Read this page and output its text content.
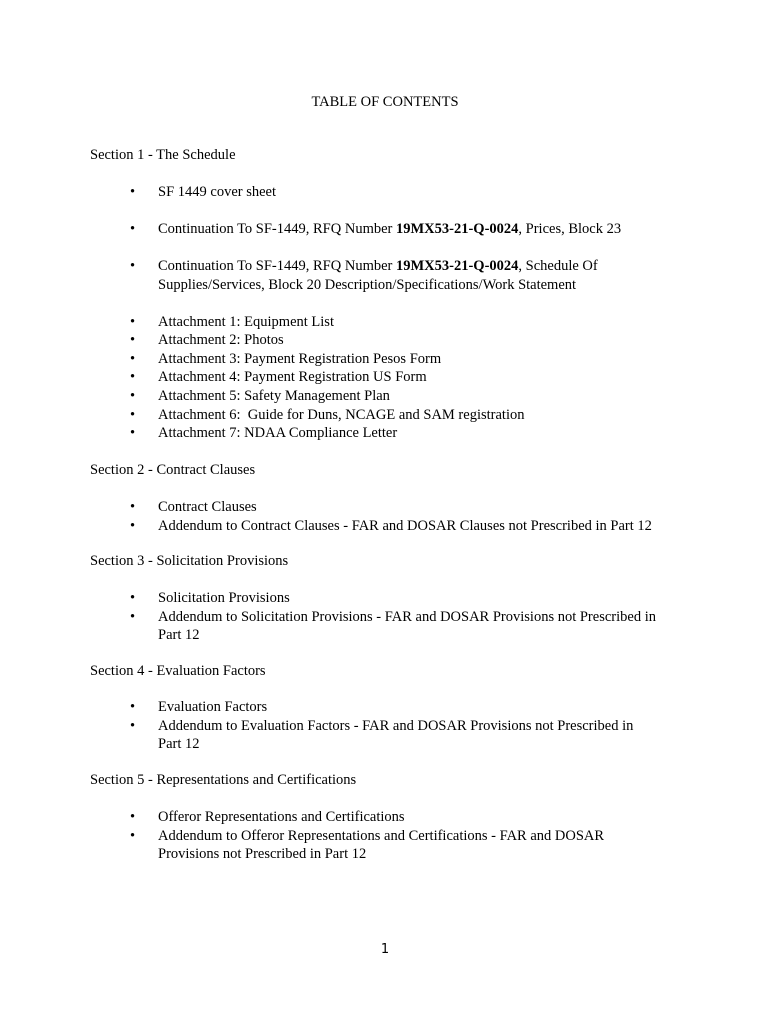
TABLE OF CONTENTS
Section 1 - The Schedule
• SF 1449 cover sheet
• Continuation To SF-1449, RFQ Number 19MX53-21-Q-0024, Prices, Block 23
• Continuation To SF-1449, RFQ Number 19MX53-21-Q-0024, Schedule Of
Supplies/Services, Block 20 Description/Specifications/Work Statement
• Attachment 1: Equipment List
• Attachment 2: Photos
• Attachment 3: Payment Registration Pesos Form
• Attachment 4: Payment Registration US Form
• Attachment 5: Safety Management Plan
• Attachment 6:  Guide for Duns, NCAGE and SAM registration
• Attachment 7: NDAA Compliance Letter
Section 2 - Contract Clauses
• Contract Clauses
• Addendum to Contract Clauses - FAR and DOSAR Clauses not Prescribed in Part 12
Section 3 - Solicitation Provisions
• Solicitation Provisions
• Addendum to Solicitation Provisions - FAR and DOSAR Provisions not Prescribed in
Part 12
Section 4 - Evaluation Factors
• Evaluation Factors
• Addendum to Evaluation Factors - FAR and DOSAR Provisions not Prescribed in
Part 12
Section 5 - Representations and Certifications
• Offeror Representations and Certifications
• Addendum to Offeror Representations and Certifications - FAR and DOSAR
Provisions not Prescribed in Part 12
1
